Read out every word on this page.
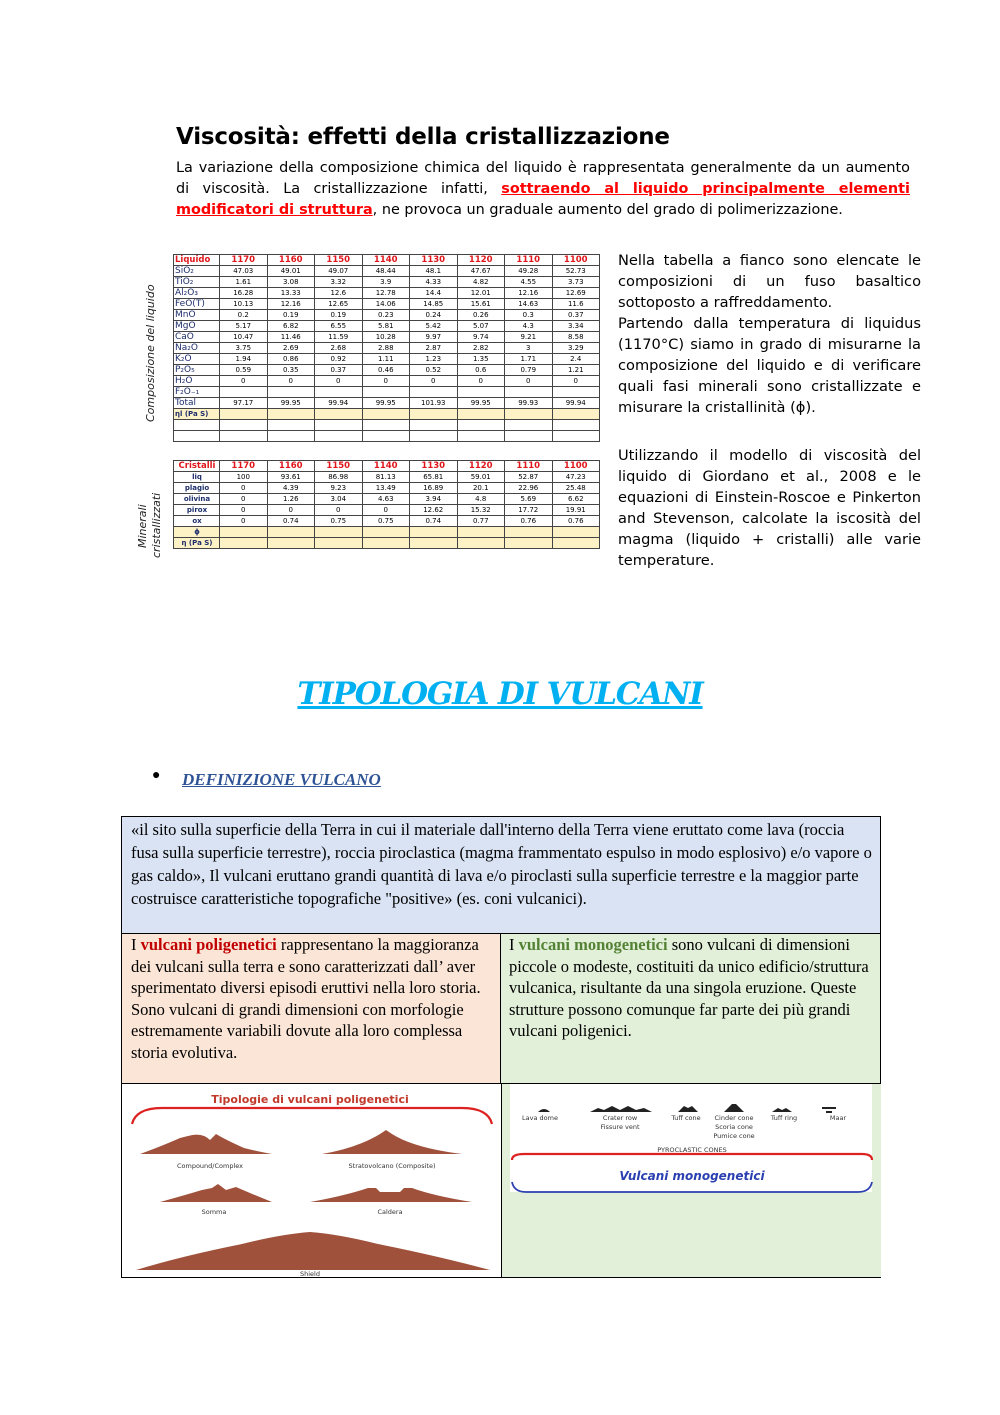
Viscosità: effetti della cristallizzazione

La variazione della composizione chimica del liquido è rappresentata generalmente da un aumento di viscosità. La cristallizzazione infatti, sottraendo al liquido principalmente elementi modificatori di struttura, ne provoca un graduale aumento del grado di polimerizzazione.

Composizione del liquido
Minerali cristallizzati
Liquido	1170	1160	1150	1140	1130	1120	1110	1100
SiO₂	47.03	49.01	49.07	48.44	48.1	47.67	49.28	52.73
TiO₂	1.61	3.08	3.32	3.9	4.33	4.82	4.55	3.73
Al₂O₃	16.28	13.33	12.6	12.78	14.4	12.01	12.16	12.69
FeO(T)	10.13	12.16	12.65	14.06	14.85	15.61	14.63	11.6
MnO	0.2	0.19	0.19	0.23	0.24	0.26	0.3	0.37
MgO	5.17	6.82	6.55	5.81	5.42	5.07	4.3	3.34
CaO	10.47	11.46	11.59	10.28	9.97	9.74	9.21	8.58
Na₂O	3.75	2.69	2.68	2.88	2.87	2.82	3	3.29
K₂O	1.94	0.86	0.92	1.11	1.23	1.35	1.71	2.4
P₂O₅	0.59	0.35	0.37	0.46	0.52	0.6	0.79	1.21
H₂O	0	0	0	0	0	0	0	0
F₂O₋₁								
Total	97.17	99.95	99.94	99.95	101.93	99.95	99.93	99.94
ηl (Pa S)								

Cristalli	1170	1160	1150	1140	1130	1120	1110	1100
liq	100	93.61	86.98	81.13	65.81	59.01	52.87	47.23
plagio	0	4.39	9.23	13.49	16.89	20.1	22.96	25.48
olivina	0	1.26	3.04	4.63	3.94	4.8	5.69	6.62
pirox	0	0	0	0	12.62	15.32	17.72	19.91
ox	0	0.74	0.75	0.75	0.74	0.77	0.76	0.76
ϕ								
η (Pa S)								

Nella tabella a fianco sono elencate le composizioni di un fuso basaltico sottoposto a raffreddamento.

Partendo dalla temperatura di liquidus (1170°C) siamo in grado di misurarne la composizione del liquido e di verificare quali fasi minerali sono cristallizzate e misurare la cristallinità (ϕ).

Utilizzando il modello di viscosità del liquido di Giordano et al., 2008 e le equazioni di Einstein-Roscoe e Pinkerton and Stevenson, calcolate la iscosità del magma (liquido + cristalli) alle varie temperature.

TIPOLOGIA DI VULCANI
● DEFINIZIONE VULCANO
«il sito sulla superficie della Terra in cui il materiale dall'interno della Terra viene eruttato come lava (roccia fusa sulla superficie terrestre), roccia piroclastica (magma frammentato espulso in modo esplosivo) e/o vapore o gas caldo», Il vulcani eruttano grandi quantità di lava e/o piroclasti sulla superficie terrestre e la maggior parte costruisce caratteristiche topografiche "positive» (es. coni vulcanici).
I vulcani poligenetici rappresentano la maggioranza dei vulcani sulla terra e sono caratterizzati dall’ aver sperimentato diversi episodi eruttivi nella loro storia. Sono vulcani di grandi dimensioni con morfologie estremamente variabili dovute alla loro complessa storia evolutiva.
I vulcani monogenetici sono vulcani di dimensioni piccole o modeste, costituiti da unico edificio/struttura vulcanica, risultante da una singola eruzione. Queste strutture possono comunque far parte dei più grandi vulcani poligenici.
Tipologie di vulcani poligenetici
Compound/Complex	Stratovolcano (Composite)
Somma	Caldera
Shield
Lava dome	Crater row
Fissure vent
Tuff cone Cinder cone
Scoria cone
Pumice cone
Tuff ring	Maar
PYROCLASTIC CONES
Vulcani monogenetici
